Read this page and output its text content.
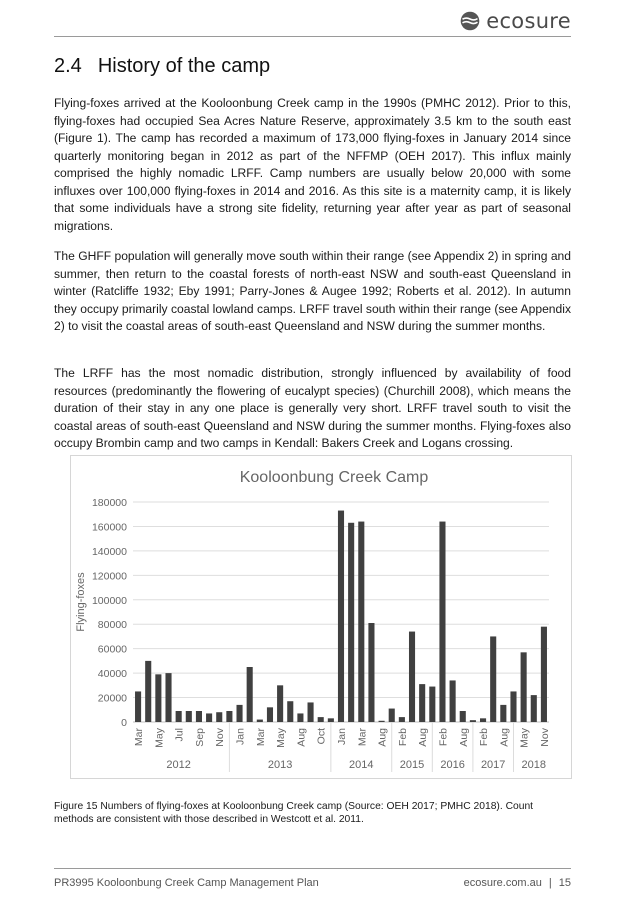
ecosure
2.4 History of the camp

Flying-foxes arrived at the Kooloonbung Creek camp in the 1990s (PMHC 2012). Prior to this, flying-foxes had occupied Sea Acres Nature Reserve, approximately 3.5 km to the south east (Figure 1). The camp has recorded a maximum of 173,000 flying-foxes in January 2014 since quarterly monitoring began in 2012 as part of the NFFMP (OEH 2017). This influx mainly comprised the highly nomadic LRFF. Camp numbers are usually below 20,000 with some influxes over 100,000 flying-foxes in 2014 and 2016. As this site is a maternity camp, it is likely that some individuals have a strong site fidelity, returning year after year as part of seasonal migrations.

The GHFF population will generally move south within their range (see Appendix 2) in spring and summer, then return to the coastal forests of north-east NSW and south-east Queensland in winter (Ratcliffe 1932; Eby 1991; Parry-Jones & Augee 1992; Roberts et al. 2012). In autumn they occupy primarily coastal lowland camps. LRFF travel south within their range (see Appendix 2) to visit the coastal areas of south-east Queensland and NSW during the summer months.

The LRFF has the most nomadic distribution, strongly influenced by availability of food resources (predominantly the flowering of eucalypt species) (Churchill 2008), which means the duration of their stay in any one place is generally very short. LRFF travel south to visit the coastal areas of south-east Queensland and NSW during the summer months. Flying-foxes also occupy Brombin camp and two camps in Kendall: Bakers Creek and Logans crossing.

Kooloonbung Creek Camp
Flying-foxes
0
20000
40000
60000
80000
100000
120000
140000
160000
180000
Mar May Jul Sep Nov Jan Mar May Aug Oct Jan Mar Aug Feb Aug Feb Aug Feb Aug May Nov
2012	2013	2014 2015 2016 2017 2018

Figure 15 Numbers of flying-foxes at Kooloonbung Creek camp (Source: OEH 2017; PMHC 2018). Count methods are consistent with those described in Westcott et al. 2011.

PR3995 Kooloonbung Creek Camp Management Plan	ecosure.com.au | 15
